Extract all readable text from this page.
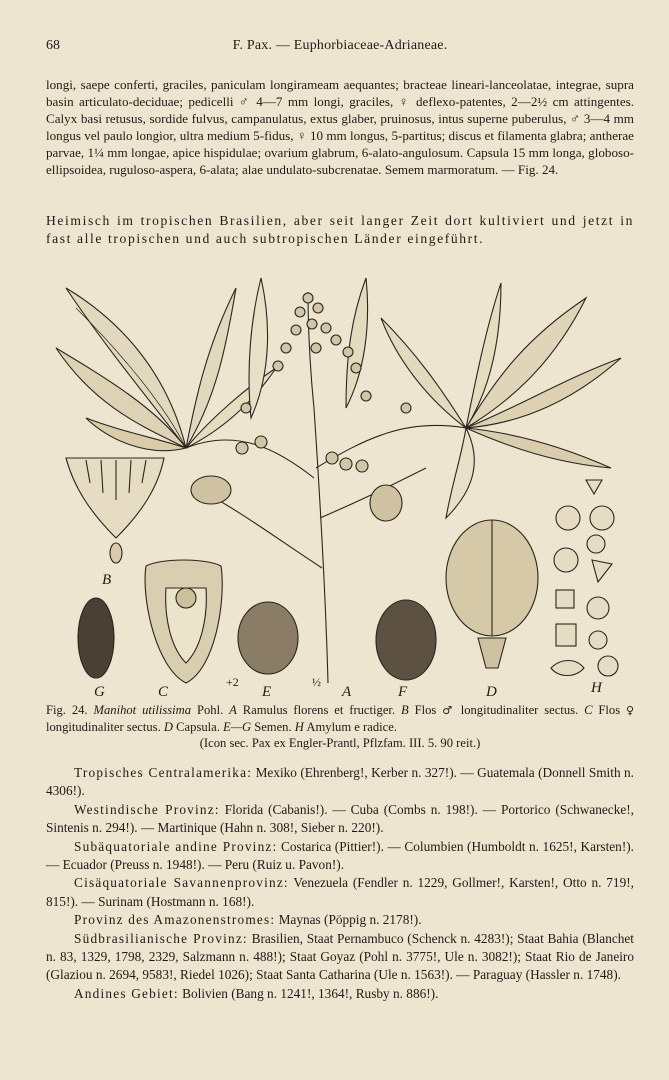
68	F. Pax. — Euphorbiaceae-Adrianeae.

longi, saepe conferti, graciles, paniculam longirameam aequantes; bracteae lineari-lanceolatae, integrae, supra basin articulato-deciduae; pedicelli ♂ 4—7 mm longi, graciles, ♀ deflexo-patentes, 2—2½ cm attingentes. Calyx basi retusus, sordide fulvus, campanulatus, extus glaber, pruinosus, intus superne puberulus, ♂ 3—4 mm longus vel paulo longior, ultra medium 5-fidus, ♀ 10 mm longus, 5-partitus; discus et filamenta glabra; antherae parvae, 1¼ mm longae, apice hispidulae; ovarium glabrum, 6-alato-angulosum. Capsula 15 mm longa, globoso-ellipsoidea, ruguloso-aspera, 6-alata; alae undulato-subcrenatae. Semem marmoratum. — Fig. 24.

Heimisch im tropischen Brasilien, aber seit langer Zeit dort kultiviert und jetzt in fast alle tropischen und auch subtropischen Länder eingeführt.

B
G	C
+2
E
½
A	F	D	H
Fig. 24. Manihot utilissima Pohl. A Ramulus florens et fructiger. B Flos ♂ longitudinaliter sectus. C Flos ♀ longitudinaliter sectus. D Capsula. E—G Semen. H Amylum e radice.
(Icon sec. Pax ex Engler-Prantl, Pflzfam. III. 5. 90 reit.)
Tropisches Centralamerika: Mexiko (Ehrenberg!, Kerber n. 327!). — Guatemala (Donnell Smith n. 4306!).
Westindische Provinz: Florida (Cabanis!). — Cuba (Combs n. 198!). — Portorico (Schwanecke!, Sintenis n. 294!). — Martinique (Hahn n. 308!, Sieber n. 220!).
Subäquatoriale andine Provinz: Costarica (Pittier!). — Columbien (Humboldt n. 1625!, Karsten!). — Ecuador (Preuss n. 1948!). — Peru (Ruiz u. Pavon!).
Cisäquatoriale Savannenprovinz: Venezuela (Fendler n. 1229, Gollmer!, Karsten!, Otto n. 719!, 815!). — Surinam (Hostmann n. 168!).
Provinz des Amazonenstromes: Maynas (Pöppig n. 2178!).
Südbrasilianische Provinz: Brasilien, Staat Pernambuco (Schenck n. 4283!); Staat Bahia (Blanchet n. 83, 1329, 1798, 2329, Salzmann n. 488!); Staat Goyaz (Pohl n. 3775!, Ule n. 3082!); Staat Rio de Janeiro (Glaziou n. 2694, 9583!, Riedel 1026); Staat Santa Catharina (Ule n. 1563!). — Paraguay (Hassler n. 1748).
Andines Gebiet: Bolivien (Bang n. 1241!, 1364!, Rusby n. 886!).
